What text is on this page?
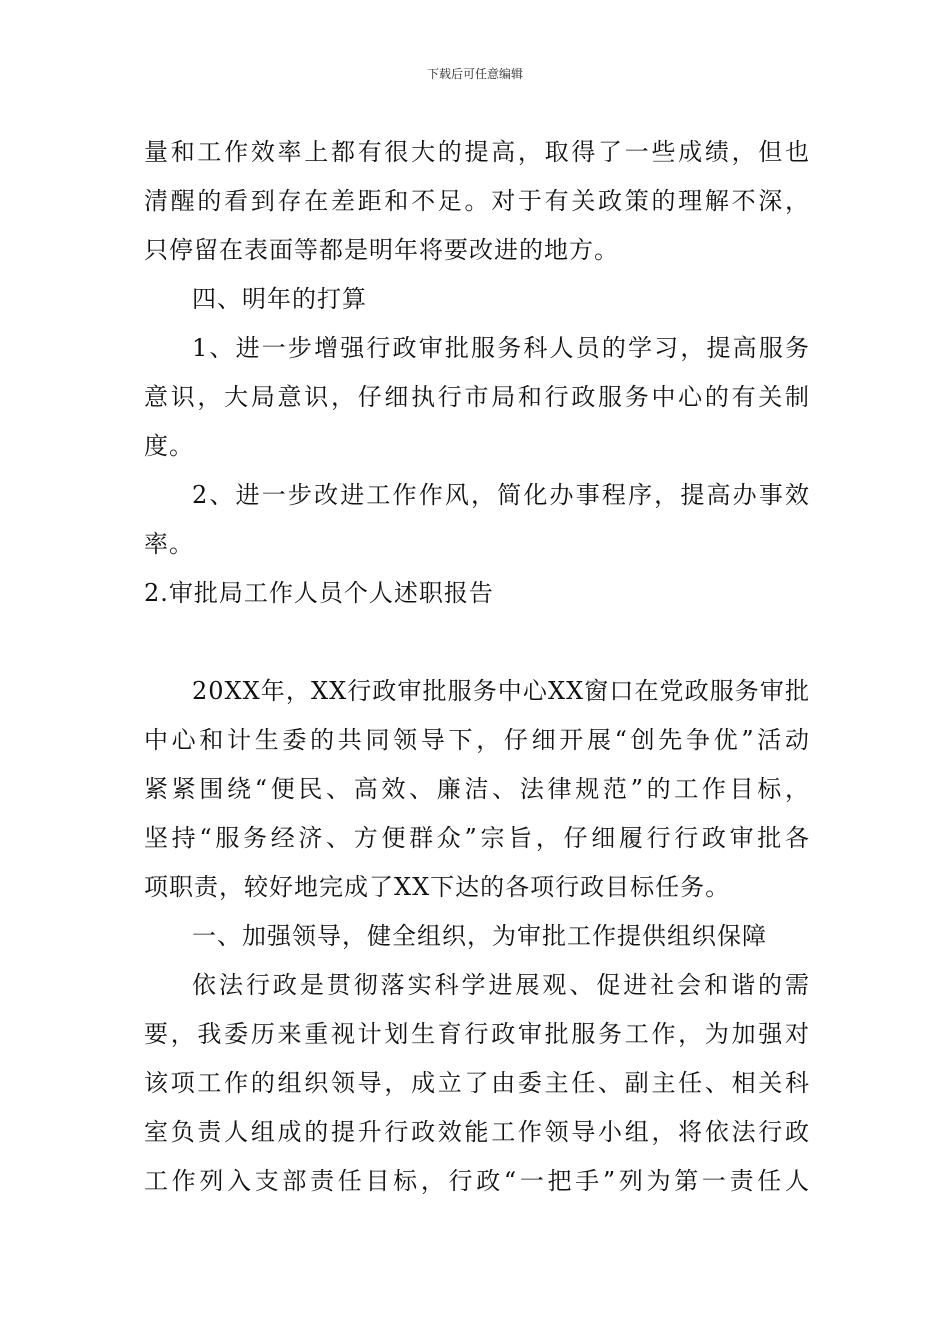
下载后可任意编辑
量和工作效率上都有很大的提高，取得了一些成绩，但也
清醒的看到存在差距和不足。对于有关政策的理解不深，
只停留在表面等都是明年将要改进的地方。
四、明年的打算
1、进一步增强行政审批服务科人员的学习，提高服务
意识，大局意识，仔细执行市局和行政服务中心的有关制
度。
2、进一步改进工作作风，简化办事程序，提高办事效
率。
2.审批局工作人员个人述职报告
20XX年，XX行政审批服务中心XX窗口在党政服务审批
中心和计生委的共同领导下，仔细开展“创先争优”活动
紧紧围绕“便民、高效、廉洁、法律规范”的工作目标，
坚持“服务经济、方便群众”宗旨，仔细履行行政审批各
项职责，较好地完成了XX下达的各项行政目标任务。
一、加强领导，健全组织，为审批工作提供组织保障
依法行政是贯彻落实科学进展观、促进社会和谐的需
要，我委历来重视计划生育行政审批服务工作，为加强对
该项工作的组织领导，成立了由委主任、副主任、相关科
室负责人组成的提升行政效能工作领导小组，将依法行政
工作列入支部责任目标，行政“一把手”列为第一责任人
